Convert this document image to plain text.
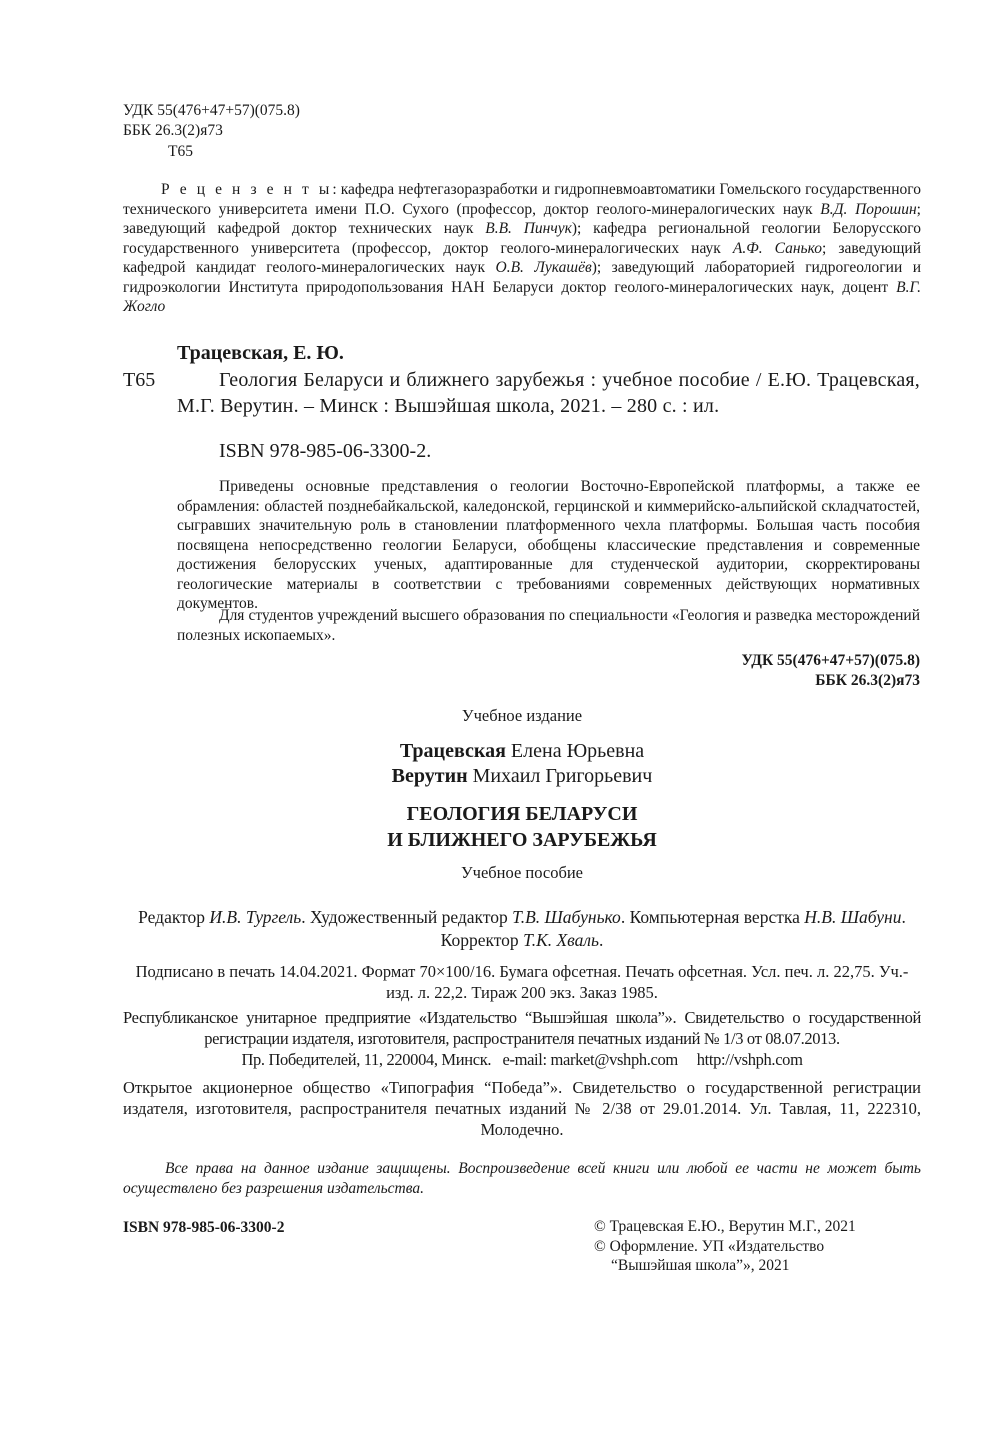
УДК 55(476+47+57)(075.8)
ББК 26.3(2)я73
Т65
Р е ц е н з е н т ы: кафедра нефтегазоразработки и гидропневмоавтоматики Гомельского государственного технического университета имени П.О. Сухого (профессор, доктор геолого-минералогических наук В.Д. Порошин; заведующий кафедрой доктор технических наук В.В. Пинчук); кафедра региональной геологии Белорусского государственного университета (профессор, доктор геолого-минералогических наук А.Ф. Санько; заведующий кафедрой кандидат геолого-минералогических наук О.В. Лукашёв); заведующий лабораторией гидрогеологии и гидроэкологии Института природопользования НАН Беларуси доктор геолого-минералогических наук, доцент В.Г. Жогло
Трацевская, Е. Ю.
Т65	Геология Беларуси и ближнего зарубежья : учебное пособие / Е.Ю. Трацевская, М.Г. Верутин. – Минск : Вышэйшая школа, 2021. – 280 с. : ил.
ISBN 978-985-06-3300-2.
Приведены основные представления о геологии Восточно-Европейской платформы, а также ее обрамления: областей позднебайкальской, каледонской, герцинской и киммерийско-альпийской складчатостей, сыгравших значительную роль в становлении платформенного чехла платформы. Большая часть пособия посвящена непосредственно геологии Беларуси, обобщены классические представления и современные достижения белорусских ученых, адаптированные для студенческой аудитории, скорректированы геологические материалы в соответствии с требованиями современных действующих нормативных документов.
Для студентов учреждений высшего образования по специальности «Геология и разведка месторождений полезных ископаемых».
УДК 55(476+47+57)(075.8)
ББК 26.3(2)я73
Учебное издание
Трацевская Елена Юрьевна
Верутин Михаил Григорьевич
ГЕОЛОГИЯ БЕЛАРУСИ
И БЛИЖНЕГО ЗАРУБЕЖЬЯ
Учебное пособие
Редактор И.В. Тургель. Художественный редактор Т.В. Шабунько. Компьютерная верстка Н.В. Шабуни. Корректор Т.К. Хваль.
Подписано в печать 14.04.2021. Формат 70×100/16. Бумага офсетная. Печать офсетная. Усл. печ. л. 22,75. Уч.-изд. л. 22,2. Тираж 200 экз. Заказ 1985.
Республиканское унитарное предприятие «Издательство “Вышэйшая школа”». Свидетельство о государственной регистрации издателя, изготовителя, распространителя печатных изданий № 1/3 от 08.07.2013.
Пр. Победителей, 11, 220004, Минск. e-mail: market@vshph.com http://vshph.com
Открытое акционерное общество «Типография “Победа”». Свидетельство о государственной регистрации издателя, изготовителя, распространителя печатных изданий № 2/38 от 29.01.2014. Ул. Тавлая, 11, 222310, Молодечно.
Все права на данное издание защищены. Воспроизведение всей книги или любой ее части не может быть осуществлено без разрешения издательства.
ISBN 978-985-06-3300-2	© Трацевская Е.Ю., Верутин М.Г., 2021
© Оформление. УП «Издательство
“Вышэйшая школа”», 2021
